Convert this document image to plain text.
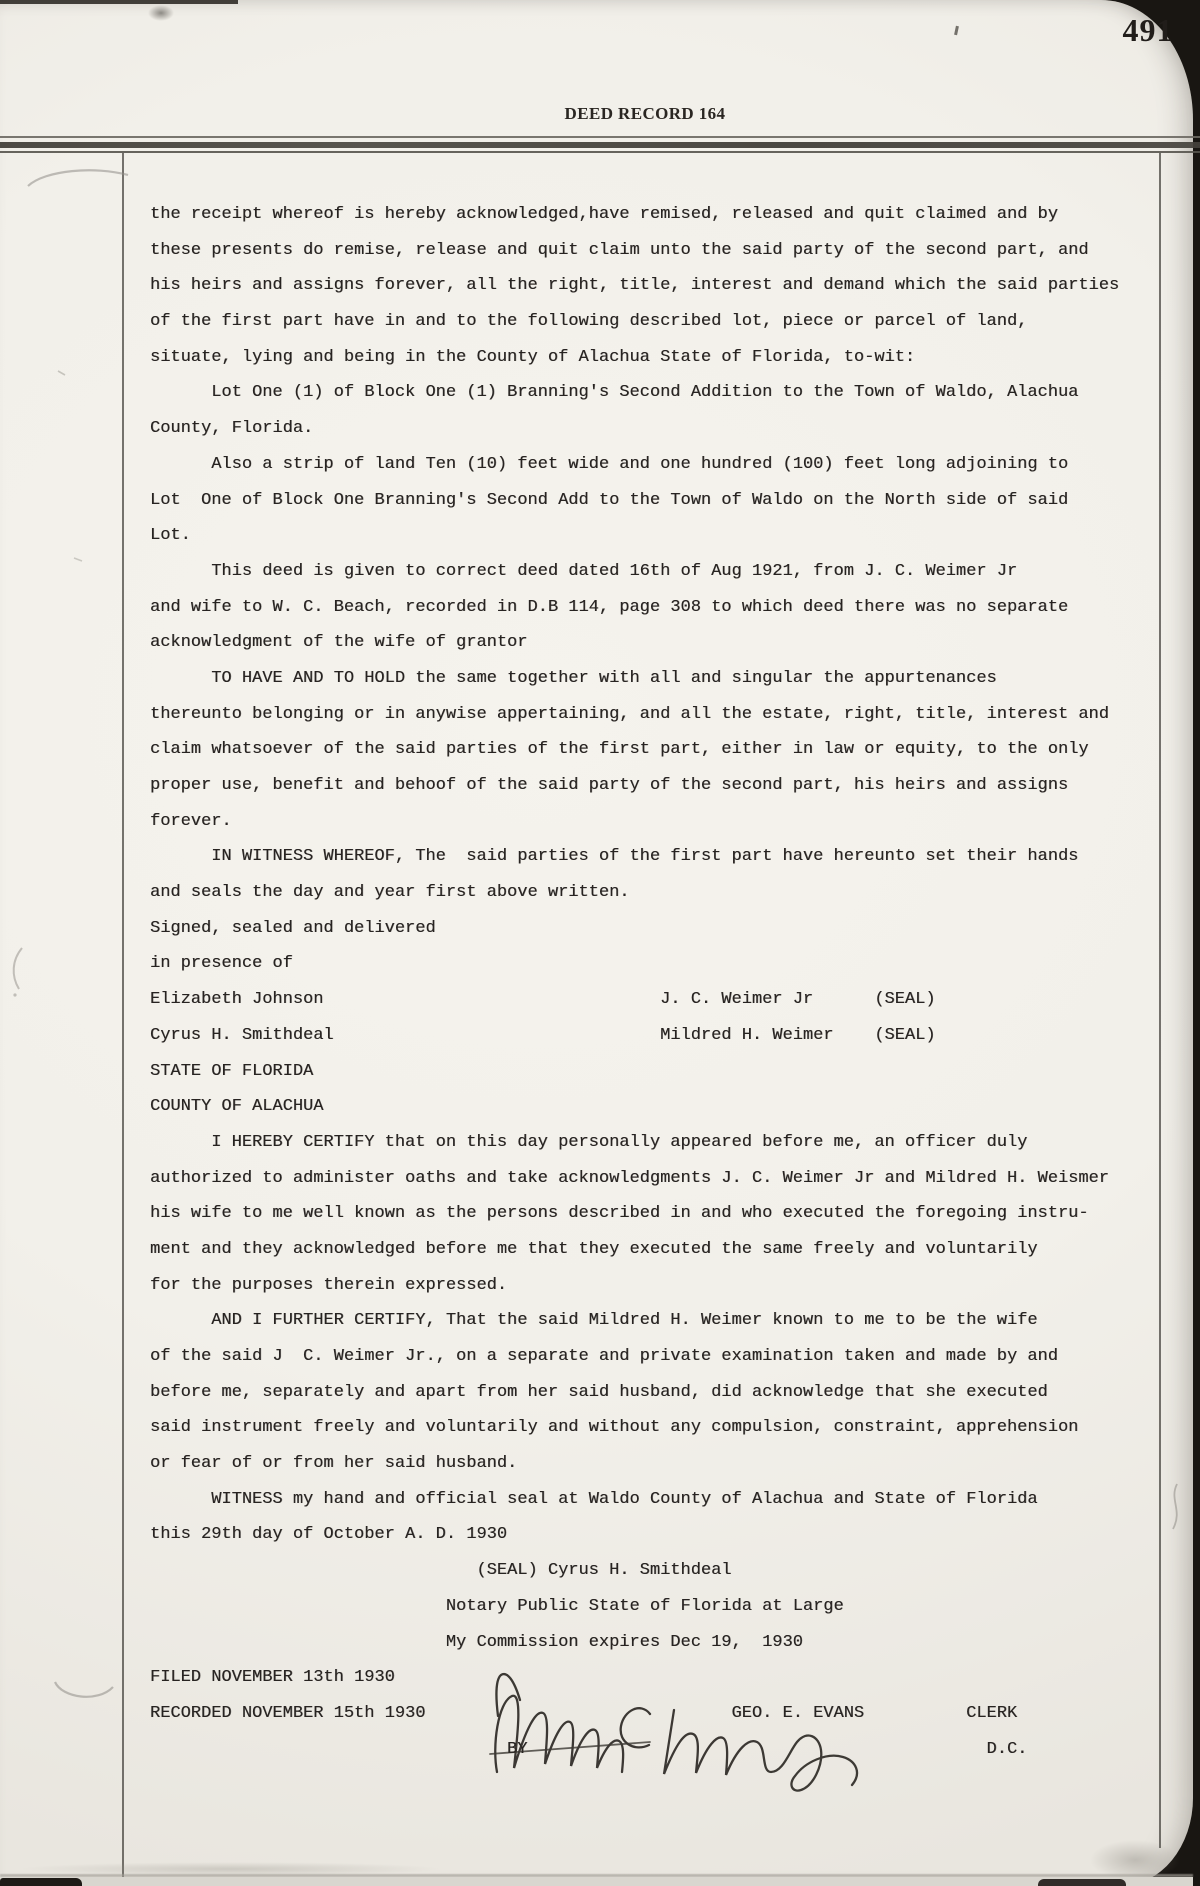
491
DEED RECORD 164
the receipt whereof is hereby acknowledged,have remised, released and quit claimed and by
these presents do remise, release and quit claim unto the said party of the second part, and
his heirs and assigns forever, all the right, title, interest and demand which the said parties
of the first part have in and to the following described lot, piece or parcel of land,
situate, lying and being in the County of Alachua State of Florida, to-wit:
Lot One (1) of Block One (1) Branning's Second Addition to the Town of Waldo, Alachua
County, Florida.
Also a strip of land Ten (10) feet wide and one hundred (100) feet long adjoining to
Lot  One of Block One Branning's Second Add to the Town of Waldo on the North side of said
Lot.
This deed is given to correct deed dated 16th of Aug 1921, from J. C. Weimer Jr
and wife to W. C. Beach, recorded in D.B 114, page 308 to which deed there was no separate
acknowledgment of the wife of grantor
TO HAVE AND TO HOLD the same together with all and singular the appurtenances
thereunto belonging or in anywise appertaining, and all the estate, right, title, interest and
claim whatsoever of the said parties of the first part, either in law or equity, to the only
proper use, benefit and behoof of the said party of the second part, his heirs and assigns
forever.
IN WITNESS WHEREOF, The  said parties of the first part have hereunto set their hands
and seals the day and year first above written.
Signed, sealed and delivered
in presence of
Elizabeth Johnson                                 J. C. Weimer Jr      (SEAL)
Cyrus H. Smithdeal                                Mildred H. Weimer    (SEAL)
STATE OF FLORIDA
COUNTY OF ALACHUA
I HEREBY CERTIFY that on this day personally appeared before me, an officer duly
authorized to administer oaths and take acknowledgments J. C. Weimer Jr and Mildred H. Weismer
his wife to me well known as the persons described in and who executed the foregoing instru-
ment and they acknowledged before me that they executed the same freely and voluntarily
for the purposes therein expressed.
AND I FURTHER CERTIFY, That the said Mildred H. Weimer known to me to be the wife
of the said J  C. Weimer Jr., on a separate and private examination taken and made by and
before me, separately and apart from her said husband, did acknowledge that she executed
said instrument freely and voluntarily and without any compulsion, constraint, apprehension
or fear of or from her said husband.
WITNESS my hand and official seal at Waldo County of Alachua and State of Florida
this 29th day of October A. D. 1930
(SEAL) Cyrus H. Smithdeal
Notary Public State of Florida at Large
My Commission expires Dec 19,  1930
FILED NOVEMBER 13th 1930
RECORDED NOVEMBER 15th 1930                              GEO. E. EVANS          CLERK
BY                                             D.C.
